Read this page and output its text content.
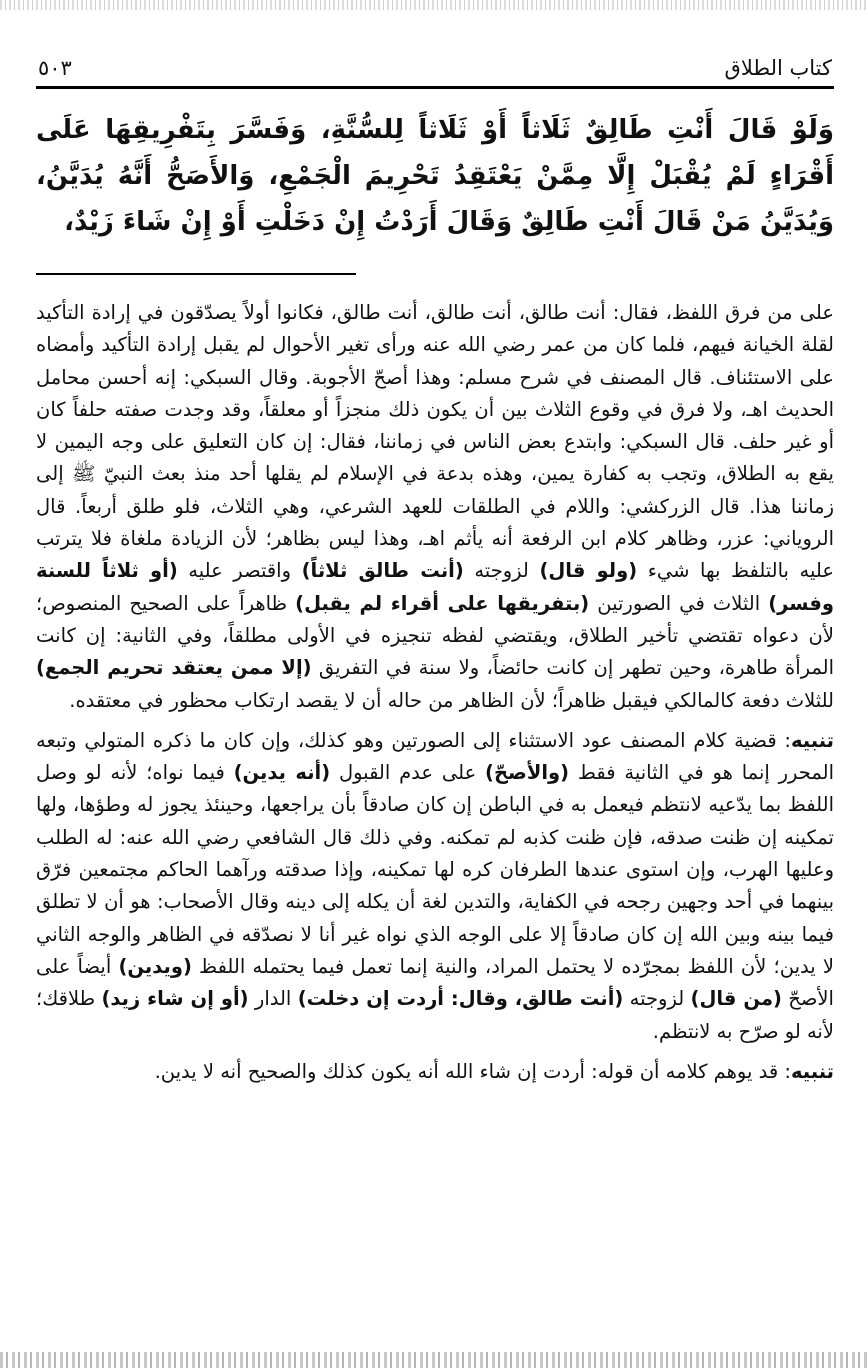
كتاب الطلاق
٥٠٣
وَلَوْ قَالَ أَنْتِ طَالِقٌ ثَلَاثاً أَوْ ثَلَاثاً لِلسُّنَّةِ، وَفَسَّرَ بِتَفْرِيقِهَا عَلَى أَقْرَاءٍ لَمْ يُقْبَلْ إِلَّا مِمَّنْ يَعْتَقِدُ تَحْرِيمَ الْجَمْعِ، وَالأَصَحُّ أَنَّهُ يُدَيَّنُ، وَيُدَيَّنُ مَنْ قَالَ أَنْتِ طَالِقٌ وَقَالَ أَرَدْتُ إِنْ دَخَلْتِ أَوْ إِنْ شَاءَ زَيْدٌ،

على من فرق اللفظ، فقال: أنت طالق، أنت طالق، أنت طالق، فكانوا أولاً يصدّقون في إرادة التأكيد لقلة الخيانة فيهم، فلما كان من عمر رضي الله عنه ورأى تغير الأحوال لم يقبل إرادة التأكيد وأمضاه على الاستئناف. قال المصنف في شرح مسلم: وهذا أصحّ الأجوبة. وقال السبكي: إنه أحسن محامل الحديث اهـ، ولا فرق في وقوع الثلاث بين أن يكون ذلك منجزاً أو معلقاً، وقد وجدت صفته حلفاً كان أو غير حلف. قال السبكي: وابتدع بعض الناس في زماننا، فقال: إن كان التعليق على وجه اليمين لا يقع به الطلاق، وتجب به كفارة يمين، وهذه بدعة في الإسلام لم يقلها أحد منذ بعث النبيّ ﷺ إلى زماننا هذا. قال الزركشي: واللام في الطلقات للعهد الشرعي، وهي الثلاث، فلو طلق أربعاً. قال الروياني: عزر، وظاهر كلام ابن الرفعة أنه يأثم اهـ، وهذا ليس بظاهر؛ لأن الزيادة ملغاة فلا يترتب عليه بالتلفظ بها شيء (ولو قال) لزوجته (أنت طالق ثلاثاً) واقتصر عليه (أو ثلاثاً للسنة وفسر) الثلاث في الصورتين (بتفريقها على أقراء لم يقبل) ظاهراً على الصحيح المنصوص؛ لأن دعواه تقتضي تأخير الطلاق، ويقتضي لفظه تنجيزه في الأولى مطلقاً، وفي الثانية: إن كانت المرأة طاهرة، وحين تطهر إن كانت حائضاً، ولا سنة في التفريق (إلا ممن يعتقد تحريم الجمع) للثلاث دفعة كالمالكي فيقبل ظاهراً؛ لأن الظاهر من حاله أن لا يقصد ارتكاب محظور في معتقده.

تنبيه: قضية كلام المصنف عود الاستثناء إلى الصورتين وهو كذلك، وإن كان ما ذكره المتولي وتبعه المحرر إنما هو في الثانية فقط (والأصحّ) على عدم القبول (أنه يدين) فيما نواه؛ لأنه لو وصل اللفظ بما يدّعيه لانتظم فيعمل به في الباطن إن كان صادقاً بأن يراجعها، وحينئذ يجوز له وطؤها، ولها تمكينه إن ظنت صدقه، فإن ظنت كذبه لم تمكنه. وفي ذلك قال الشافعي رضي الله عنه: له الطلب وعليها الهرب، وإن استوى عندها الطرفان كره لها تمكينه، وإذا صدقته ورآهما الحاكم مجتمعين فرّق بينهما في أحد وجهين رجحه في الكفاية، والتدين لغة أن يكله إلى دينه وقال الأصحاب: هو أن لا تطلق فيما بينه وبين الله إن كان صادقاً إلا على الوجه الذي نواه غير أنا لا نصدّقه في الظاهر والوجه الثاني لا يدين؛ لأن اللفظ بمجرّده لا يحتمل المراد، والنية إنما تعمل فيما يحتمله اللفظ (ويدين) أيضاً على الأصحّ (من قال) لزوجته (أنت طالق، وقال: أردت إن دخلت) الدار (أو إن شاء زيد) طلاقك؛ لأنه لو صرّح به لانتظم.

تنبيه: قد يوهم كلامه أن قوله: أردت إن شاء الله أنه يكون كذلك والصحيح أنه لا يدين.
